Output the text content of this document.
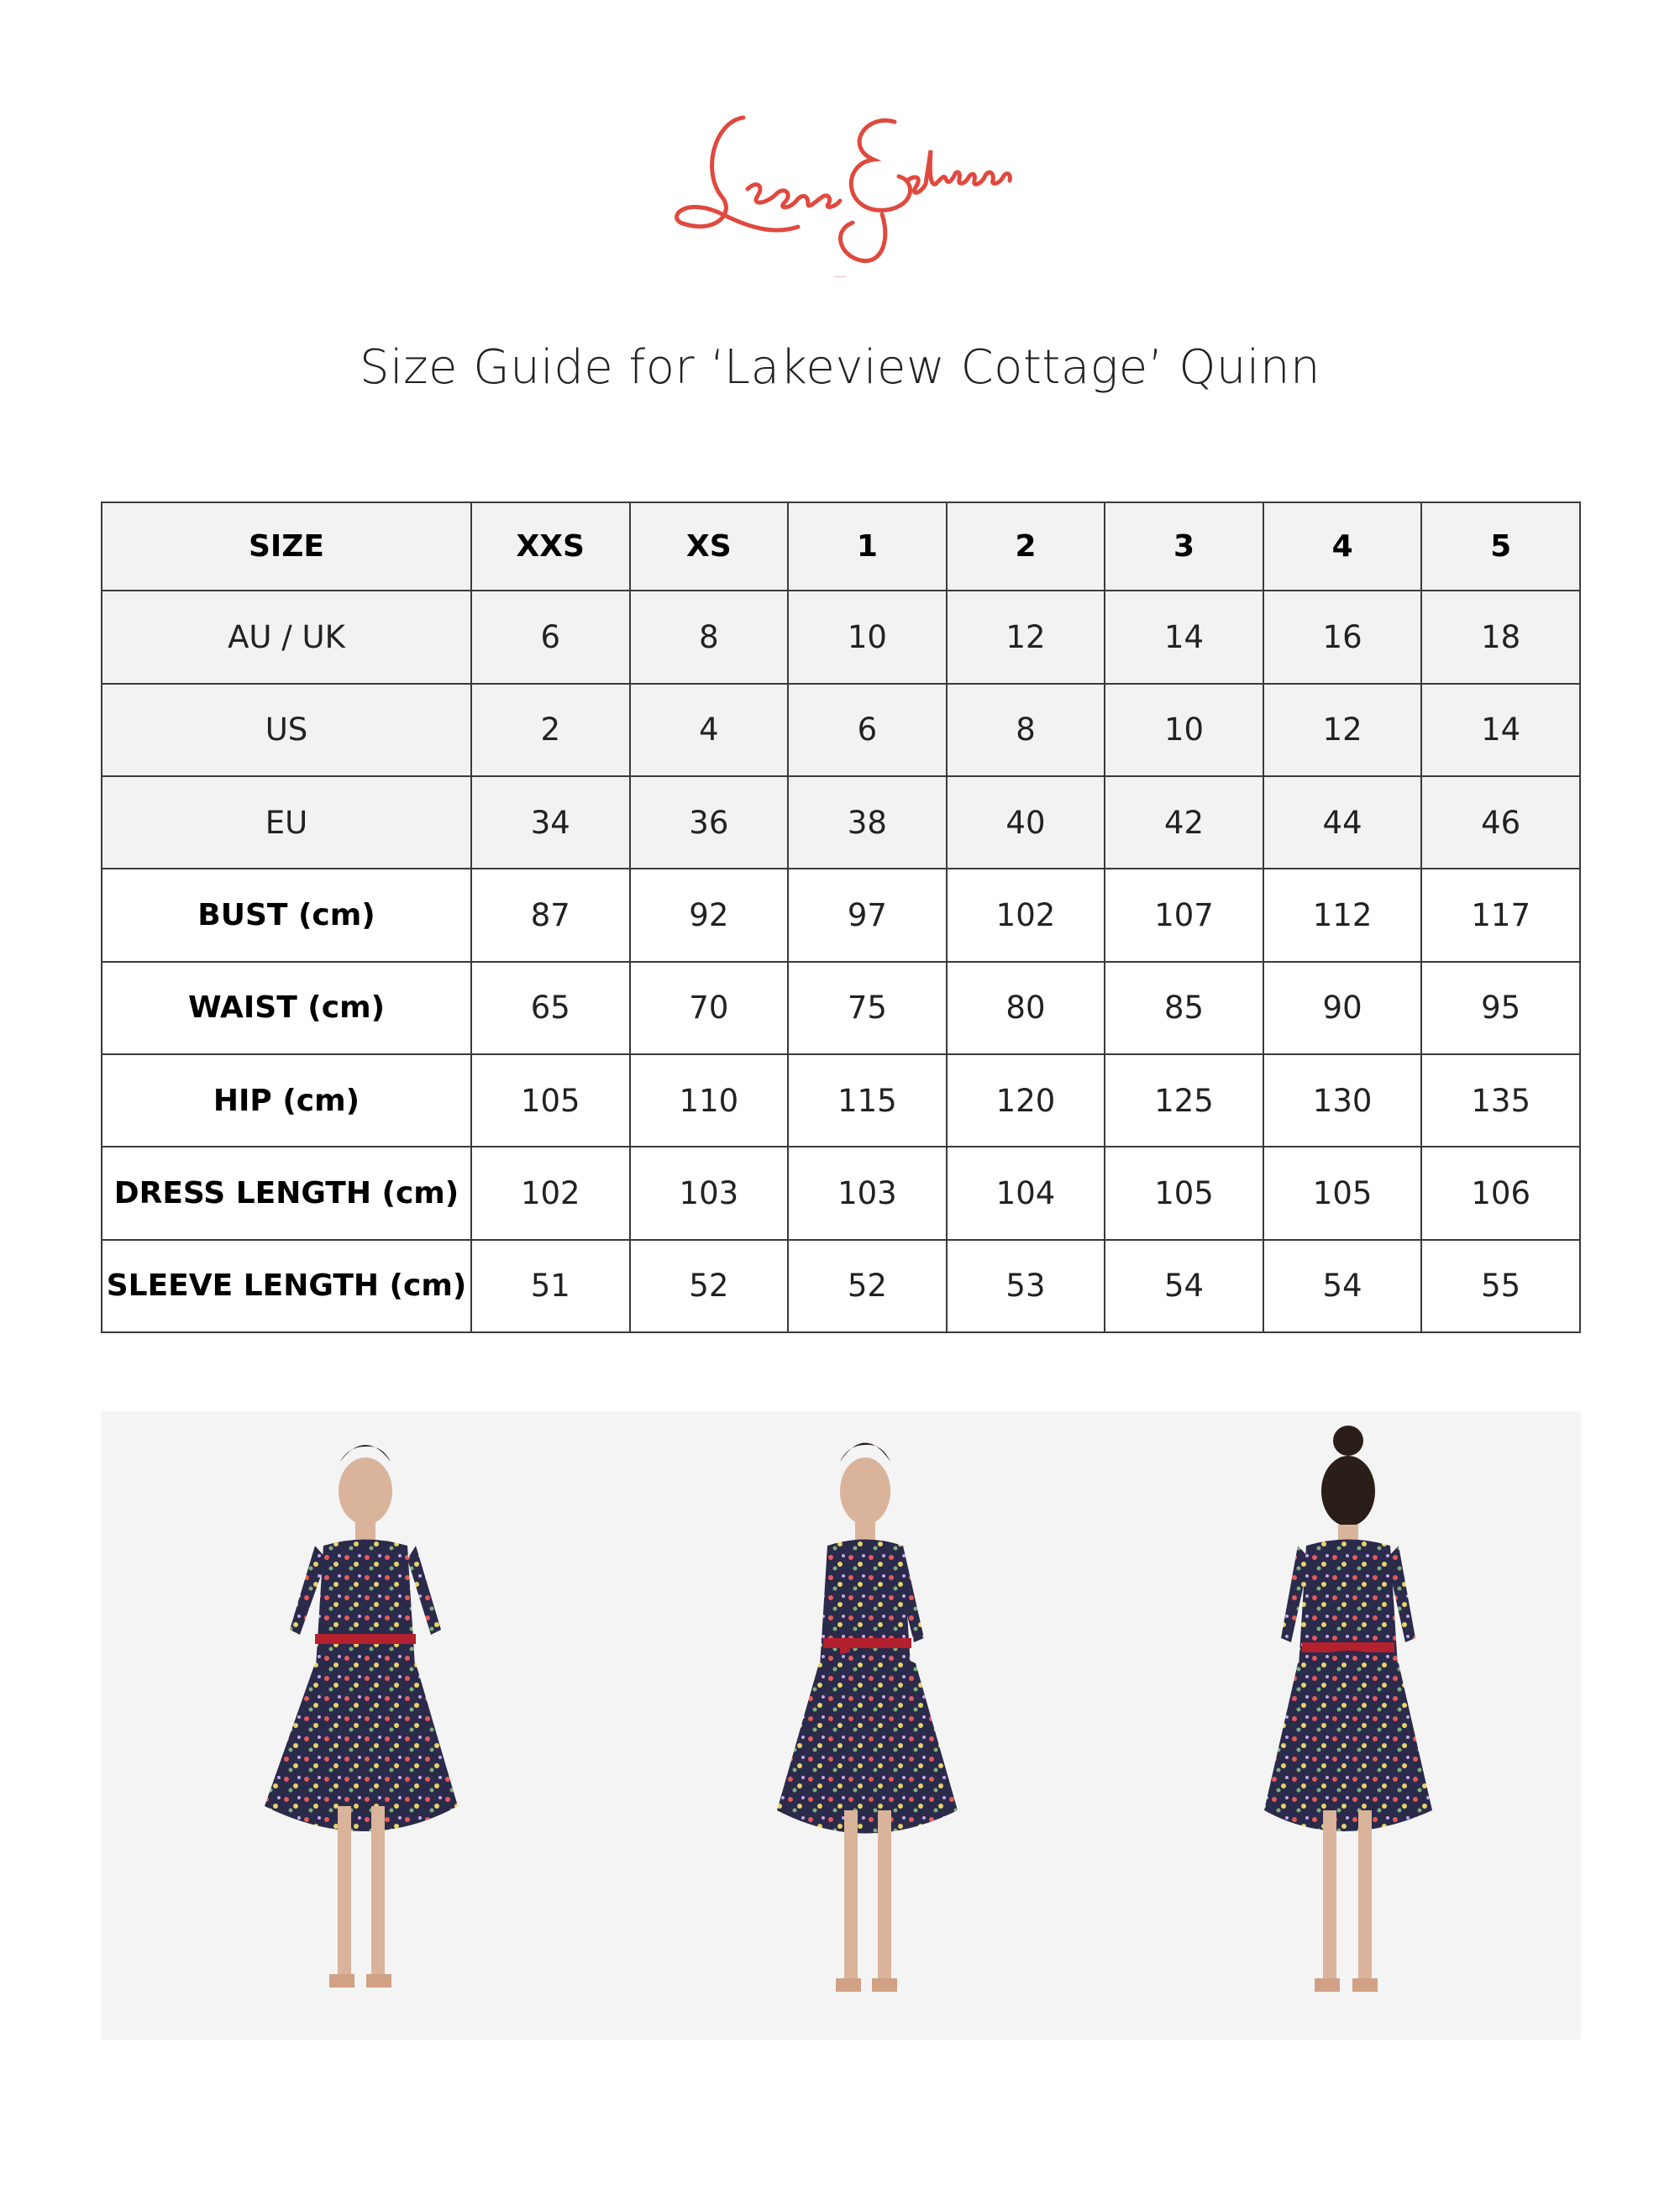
Leona Edmiston
Size Guide for ‘Lakeview Cottage’ Quinn
SIZE	XXS	XS	1	2	3	4	5
AU / UK	6	8	10	12	14	16	18
US	2	4	6	8	10	12	14
EU	34	36	38	40	42	44	46
BUST (cm)	87	92	97	102	107	112	117
WAIST (cm)	65	70	75	80	85	90	95
HIP (cm)	105	110	115	120	125	130	135
DRESS LENGTH (cm)	102	103	103	104	105	105	106
SLEEVE LENGTH (cm)	51	52	52	53	54	54	55
